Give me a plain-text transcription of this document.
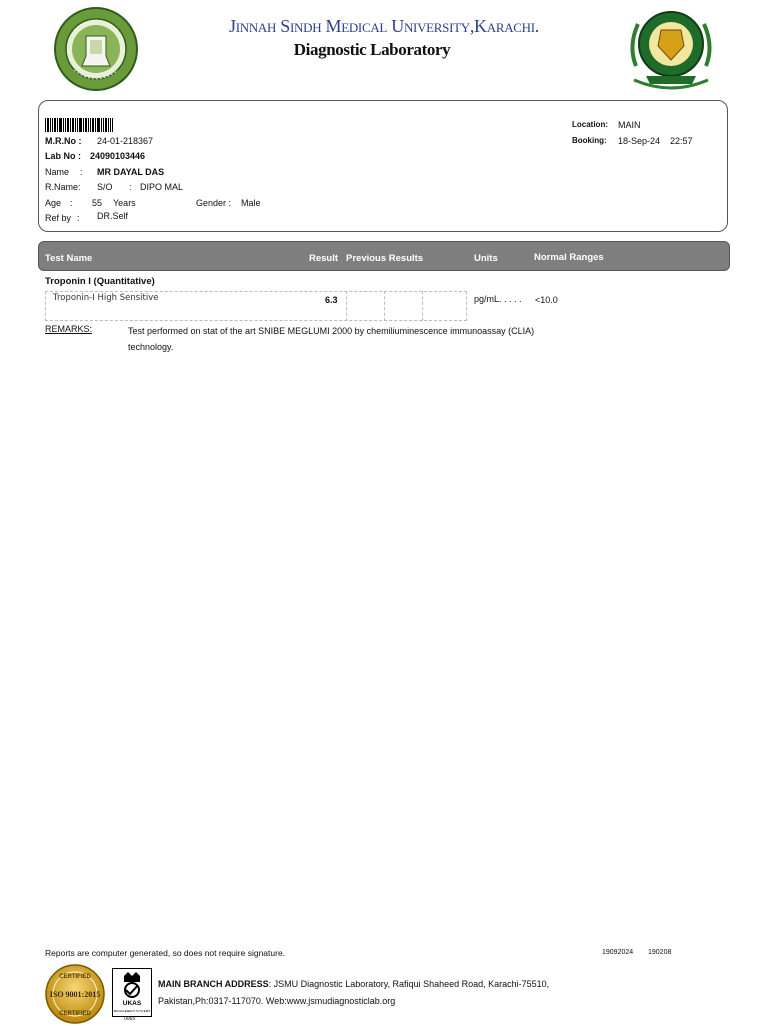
Jinnah Sindh Medical University,Karachi.
Diagnostic Laboratory
M.R.No : 24-01-218367
Lab No : 24090103446
Name : MR DAYAL DAS
R.Name: S/O : DIPO MAL
Age : 55 Years	Gender : Male
Ref by : DR.Self
Location: MAIN
Booking: 18-Sep-24 22:57
Test Name	Result Previous Results	Units	Normal Ranges
Troponin I (Quantitative)
Troponin-I High Sensitive	6.3	pg/mL. . . . . <10.0
REMARKS:	Test performed on stat of the art SNIBE MEGLUMI 2000 by chemiliuminescence immunoassay (CLIA)
technology.
Reports are computer generated, so does not require signature.	19092024 190208
CERTIFIED
ISO 9001:2015
CERTIFIED
UKAS
MANAGEMENT SYSTEMS
0065
MAIN BRANCH ADDRESS: JSMU Diagnostic Laboratory, Rafiqui Shaheed Road, Karachi-75510,
Pakistan,Ph:0317-117070. Web:www.jsmudiagnosticlab.org
